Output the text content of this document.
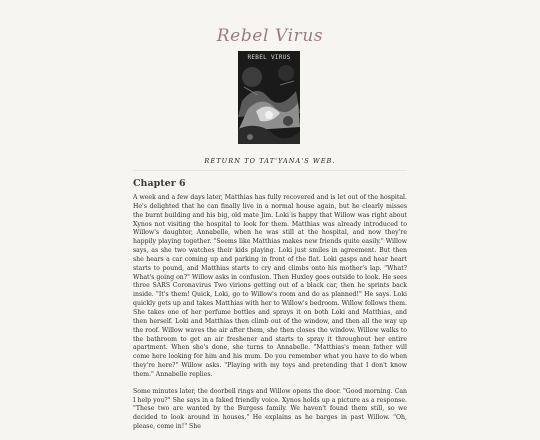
Rebel Virus
REBEL VIRUS
RETURN TO TAT'YANA'S WEB.
Chapter 6

A week and a few days later, Matthias has fully recovered and is let out of the hospital. He's delighted that he can finally live in a normal house again, but he clearly misses the burnt building and his big, old mate Jim. Loki is happy that Willow was right about Xynos not visiting the hospital to look for them. Matthias was already introduced to Willow's daughter, Annabelle, when he was still at the hospital, and now they're happily playing together. "Seems like Matthias makes new friends quite easily." Willow says, as she two watches their kids playing. Loki just smiles in agreement. But then she hears a car coming up and parking in front of the flat. Loki gasps and hear heart starts to pound, and Matthias starts to cry and climbs onto his mother's lap. "What? What's going on?" Willow asks in confusion. Then Huxley goes outside to look. He sees three SARS Coronavirus Two virions getting out of a black car, then he sprints back inside. "It's them! Quick, Loki, go to Willow's room and do as planned!" He says. Loki quickly gets up and takes Matthias with her to Willow's bedroom. Willow follows them. She takes one of her perfume bottles and sprays it on both Loki and Matthias, and then herself. Loki and Matthias then climb out of the window, and then all the way up the roof. Willow waves the air after them, she then closes the window. Willow walks to the bathroom to get an air freshener and starts to spray it throughout her entire apartment. When she's done, she turns to Annabelle. "Matthias's mean father will come here looking for him and his mum. Do you remember what you have to do when they're here?" Willow asks. "Playing with my toys and pretending that I don't know them." Annabelle replies.

Some minutes later, the doorbell rings and Willow opens the door. "Good morning. Can I help you?" She says in a faked friendly voice. Xynos holds up a picture as a response. "These two are wanted by the Burgess family. We haven't found them still, so we decided to look around in houses." He explains as he barges in past Willow. "Oh, please, come in!" She
